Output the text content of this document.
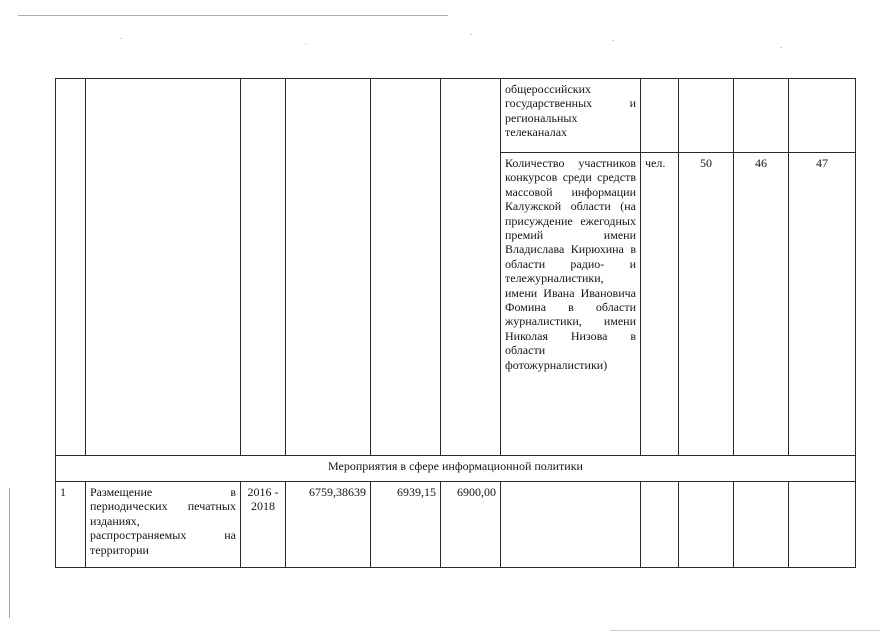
						общероссийских государственных и региональных телеканалах				
						Количество участников конкурсов среди средств массовой информации Калужской области (на присуждение ежегодных премий имени Владислава Кирюхина в области радио- и тележурналистики, имени Ивана Ивановича Фомина в области журналистики, имени Николая Низова в области фотожурналистики)	чел.	50	46	47
Мероприятия в сфере информационной политики										
1	Размещение в периодических печатных изданиях, распространяемых на территории	2016 - 2018	6759,38639	6939,15	6900,00					
